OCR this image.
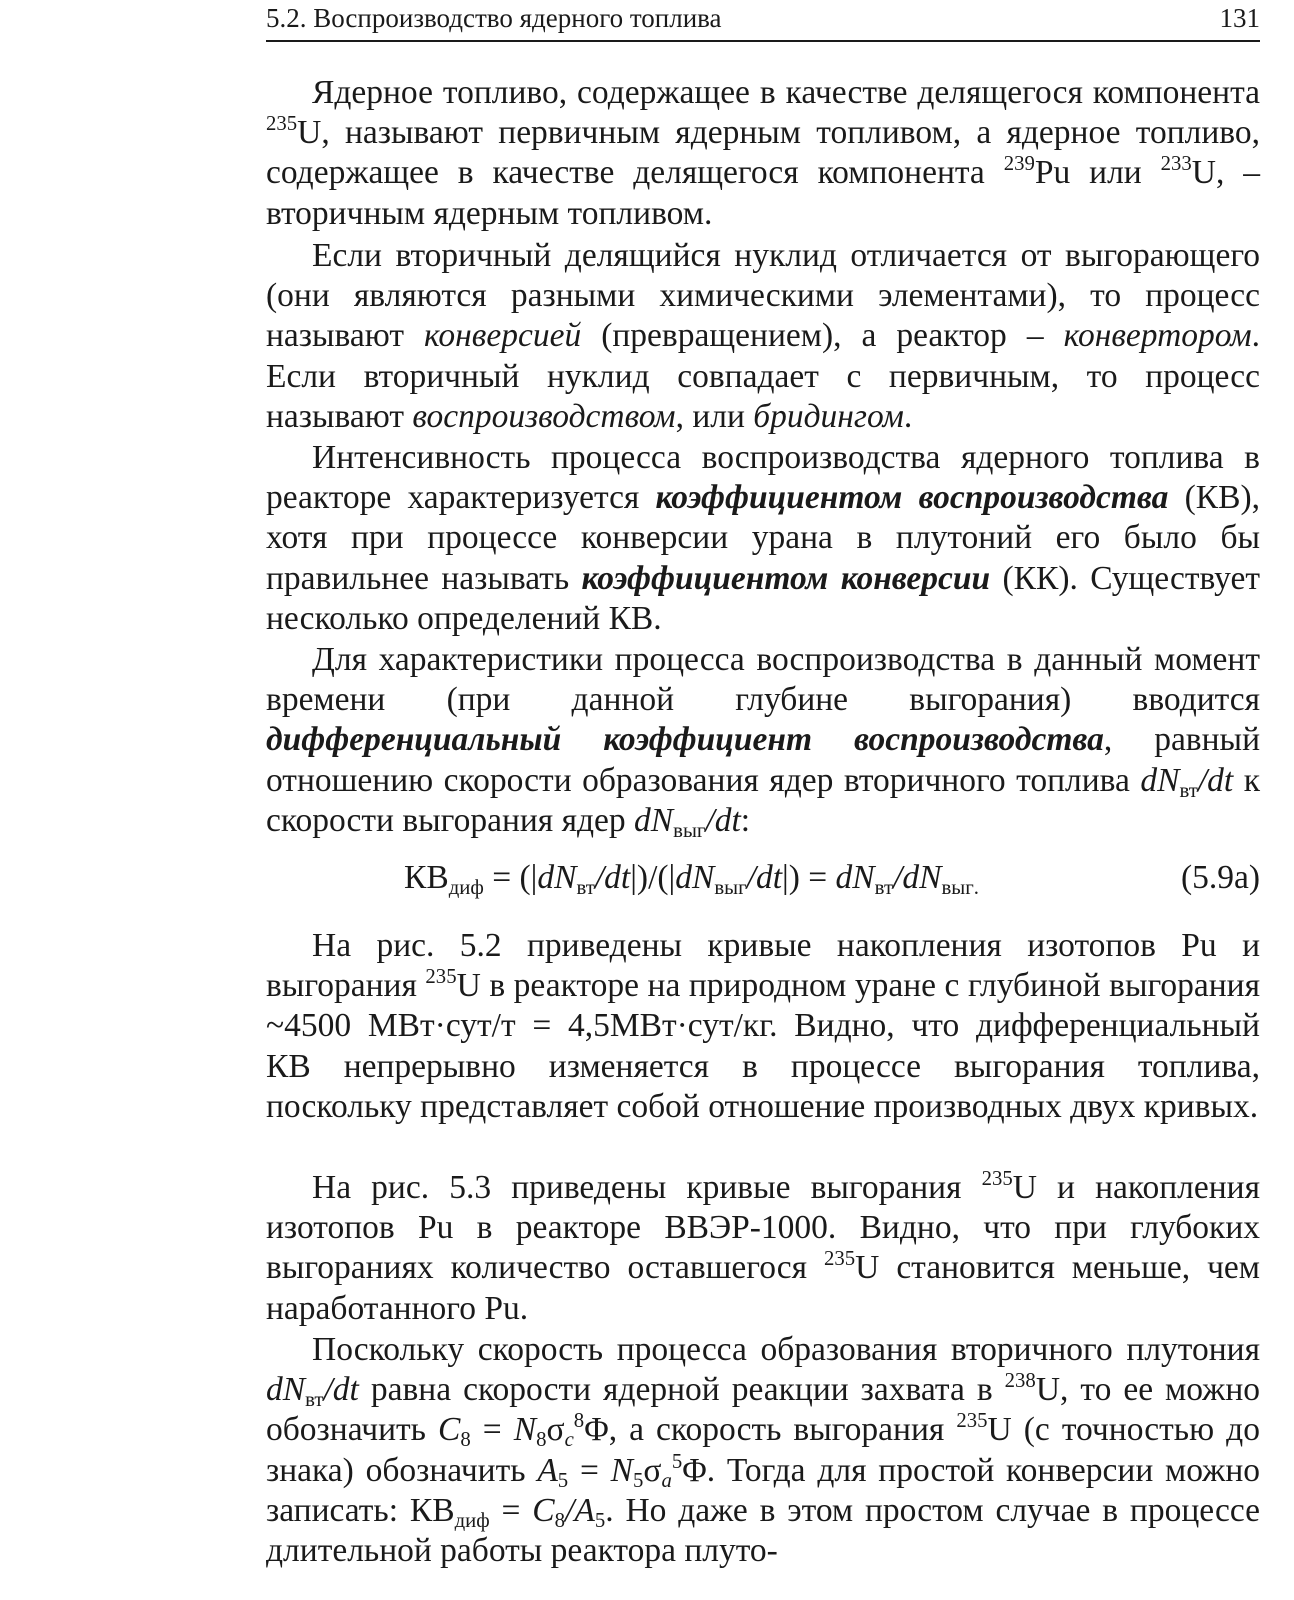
5.2. Воспроизводство ядерного топлива	131

Ядерное топливо, содержащее в качестве делящегося компонента $^{235}$U, называют первичным ядерным топливом, а ядерное топливо, содержащее в качестве делящегося компонента $^{239}$Pu или $^{233}$U, – вторичным ядерным топливом.

Если вторичный делящийся нуклид отличается от выгорающего (они являются разными химическими элементами), то процесс называют конверсией (превращением), а реактор – конвертором. Если вторичный нуклид совпадает с первичным, то процесс называют воспроизводством, или бридингом.

Интенсивность процесса воспроизводства ядерного топлива в реакторе характеризуется коэффициентом воспроизводства (КВ), хотя при процессе конверсии урана в плутоний его было бы правильнее называть коэффициентом конверсии (КК). Существует несколько определений КВ.

Для характеристики процесса воспроизводства в данный момент времени (при данной глубине выгорания) вводится дифференциальный коэффициент воспроизводства, равный отношению скорости образования ядер вторичного топлива $dN_{вт}/dt$ к скорости выгорания ядер $dN_{выг}/dt$:

$КВ_{диф} = (|dN_{вт}/dt|)/(|dN_{выг}/dt|) = dN_{вт}/dN_{выг.}$	(5.9a)

На рис. 5.2 приведены кривые накопления изотопов Pu и выгорания $^{235}$U в реакторе на природном уране с глубиной выгорания ~4500 МВт·сут/т = 4,5МВт·сут/кг. Видно, что дифференциальный КВ непрерывно изменяется в процессе выгорания топлива, поскольку представляет собой отношение производных двух кривых.

На рис. 5.3 приведены кривые выгорания $^{235}$U и накопления изотопов Pu в реакторе ВВЭР-1000. Видно, что при глубоких выгораниях количество оставшегося $^{235}$U становится меньше, чем наработанного Pu.

Поскольку скорость процесса образования вторичного плутония $dN_{вт}/dt$ равна скорости ядерной реакции захвата в $^{238}$U, то ее можно обозначить $C_8 = N_8\sigma_c^8\Phi$, а скорость выгорания $^{235}$U (с точностью до знака) обозначить $A_5 = N_5\sigma_a^5\Phi$. Тогда для простой конверсии можно записать: $КВ_{диф} = C_8/A_5$. Но даже в этом простом случае в процессе длительной работы реактора плуто-
